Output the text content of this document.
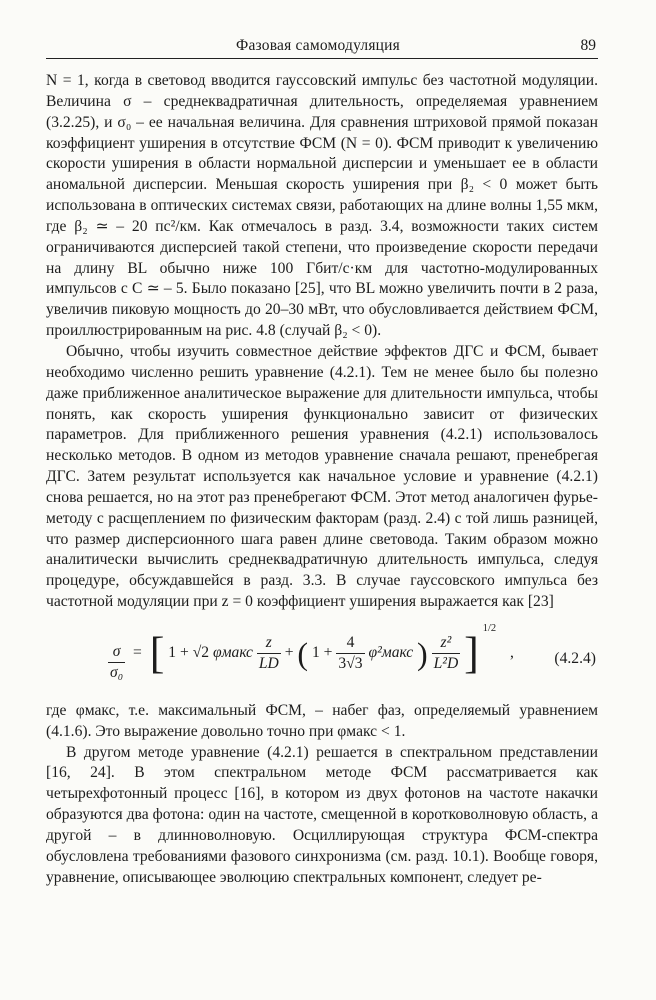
Фазовая самомодуляция	89

N = 1, когда в световод вводится гауссовский импульс без частотной модуляции. Величина σ – среднеквадратичная длительность, определяемая уравнением (3.2.25), и σ₀ – ее начальная величина. Для сравнения штриховой прямой показан коэффициент уширения в отсутствие ФСМ (N = 0). ФСМ приводит к увеличению скорости уширения в области нормальной дисперсии и уменьшает ее в области аномальной дисперсии. Меньшая скорость уширения при β₂ < 0 может быть использована в оптических системах связи, работающих на длине волны 1,55 мкм, где β₂ ≃ – 20 пс²/км. Как отмечалось в разд. 3.4, возможности таких систем ограничиваются дисперсией такой степени, что произведение скорости передачи на длину BL обычно ниже 100 Гбит/с·км для частотно-модулированных импульсов с C ≃ – 5. Было показано [25], что BL можно увеличить почти в 2 раза, увеличив пиковую мощность до 20–30 мВт, что обусловливается действием ФСМ, проиллюстрированным на рис. 4.8 (случай β₂ < 0).

Обычно, чтобы изучить совместное действие эффектов ДГС и ФСМ, бывает необходимо численно решить уравнение (4.2.1). Тем не менее было бы полезно даже приближенное аналитическое выражение для длительности импульса, чтобы понять, как скорость уширения функционально зависит от физических параметров. Для приближенного решения уравнения (4.2.1) использовалось несколько методов. В одном из методов уравнение сначала решают, пренебрегая ДГС. Затем результат используется как начальное условие и уравнение (4.2.1) снова решается, но на этот раз пренебрегают ФСМ. Этот метод аналогичен фурье-методу с расщеплением по физическим факторам (разд. 2.4) с той лишь разницей, что размер дисперсионного шага равен длине световода. Таким образом можно аналитически вычислить среднеквадратичную длительность импульса, следуя процедуре, обсуждавшейся в разд. 3.3. В случае гауссовского импульса без частотной модуляции при z = 0 коэффициент уширения выражается как [23]

$\frac{\sigma}{\text{σ₀}}$ = [ 1 + √2 φмакс $\frac{z}{LD}$ + ( $1 + \frac{4}{3√3}$ φ²макс ) $\frac{\text{z²}}{\text{L²D}}$ ] $^{1/2}$ ,	(4.2.4)

где φмакс, т.е. максимальный ФСМ, – набег фаз, определяемый уравнением (4.1.6). Это выражение довольно точно при φмакс < 1.

В другом методе уравнение (4.2.1) решается в спектральном представлении [16, 24]. В этом спектральном методе ФСМ рассматривается как четырехфотонный процесс [16], в котором из двух фотонов на частоте накачки образуются два фотона: один на частоте, смещенной в коротковолновую область, а другой – в длинноволновую. Осциллирующая структура ФСМ-спектра обусловлена требованиями фазового синхронизма (см. разд. 10.1). Вообще говоря, уравнение, описывающее эволюцию спектральных компонент, следует ре-
